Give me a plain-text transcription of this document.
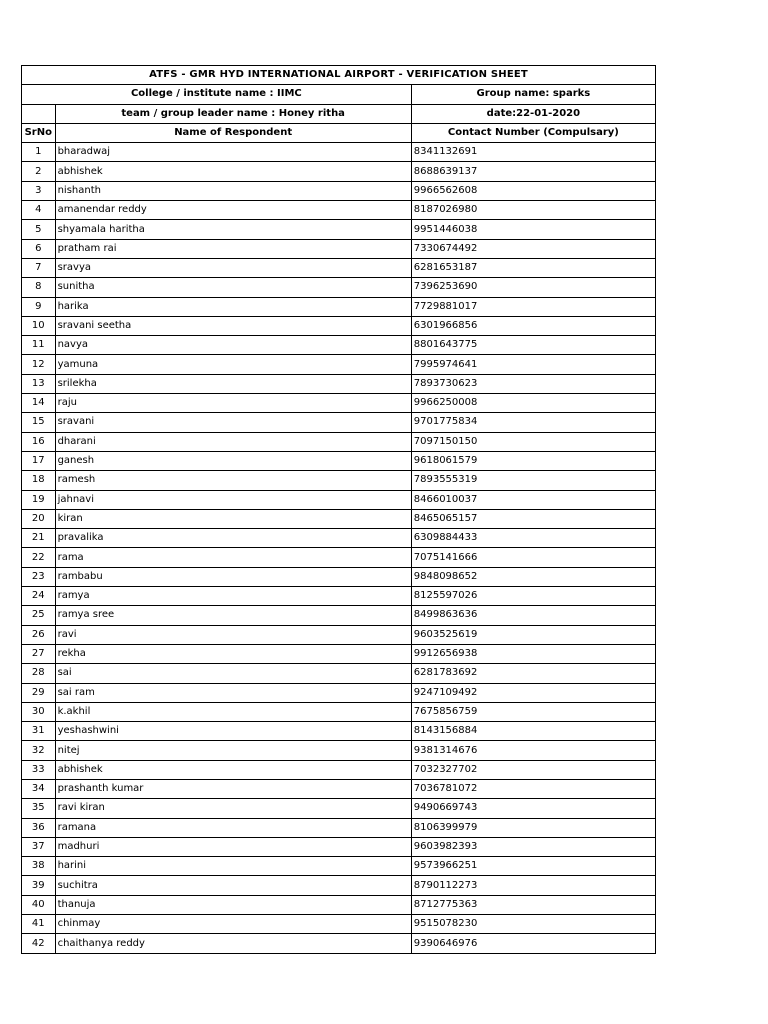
ATFS - GMR HYD INTERNATIONAL AIRPORT - VERIFICATION SHEET		
College / institute name : IIMC		Group name: sparks
	team / group leader name : Honey ritha	date:22-01-2020
SrNo	Name of Respondent	Contact Number (Compulsary)
1	bharadwaj	8341132691
2	abhishek	8688639137
3	nishanth	9966562608
4	amanendar reddy	8187026980
5	shyamala haritha	9951446038
6	pratham rai	7330674492
7	sravya	6281653187
8	sunitha	7396253690
9	harika	7729881017
10	sravani seetha	6301966856
11	navya	8801643775
12	yamuna	7995974641
13	srilekha	7893730623
14	raju	9966250008
15	sravani	9701775834
16	dharani	7097150150
17	ganesh	9618061579
18	ramesh	7893555319
19	jahnavi	8466010037
20	kiran	8465065157
21	pravalika	6309884433
22	rama	7075141666
23	rambabu	9848098652
24	ramya	8125597026
25	ramya sree	8499863636
26	ravi	9603525619
27	rekha	9912656938
28	sai	6281783692
29	sai ram	9247109492
30	k.akhil	7675856759
31	yeshashwini	8143156884
32	nitej	9381314676
33	abhishek	7032327702
34	prashanth kumar	7036781072
35	ravi kiran	9490669743
36	ramana	8106399979
37	madhuri	9603982393
38	harini	9573966251
39	suchitra	8790112273
40	thanuja	8712775363
41	chinmay	9515078230
42	chaithanya reddy	9390646976
